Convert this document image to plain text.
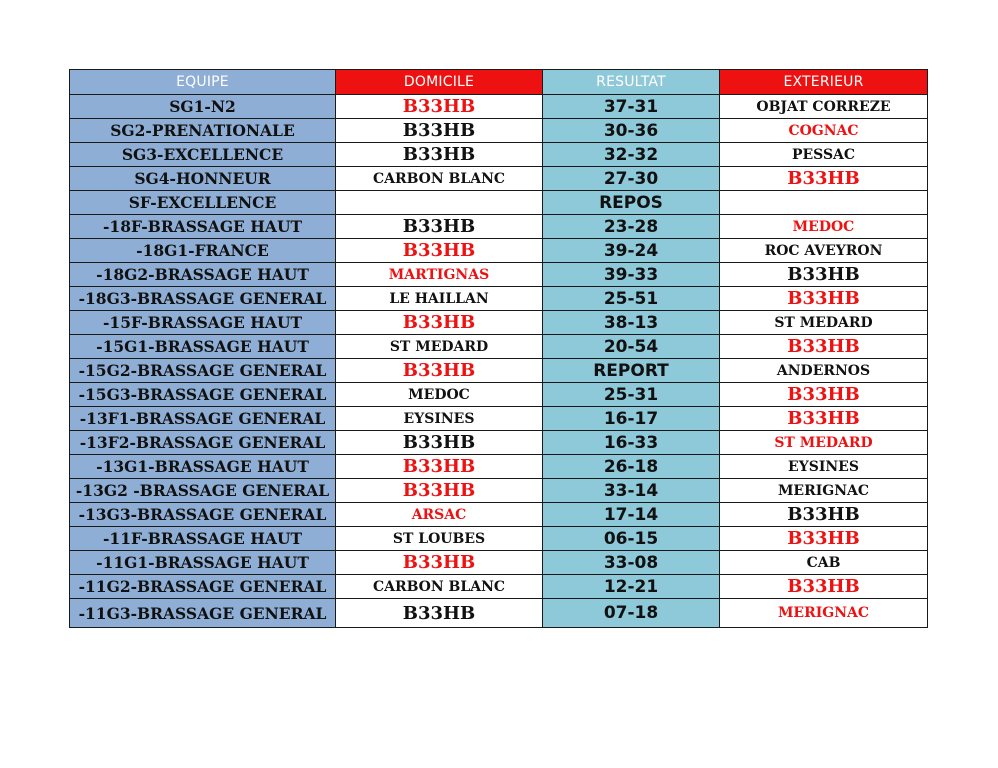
EQUIPE	DOMICILE	RESULTAT	EXTERIEUR
SG1-N2	B33HB	37-31	OBJAT CORREZE
SG2-PRENATIONALE	B33HB	30-36	COGNAC
SG3-EXCELLENCE	B33HB	32-32	PESSAC
SG4-HONNEUR	CARBON BLANC	27-30	B33HB
SF-EXCELLENCE		REPOS	
-18F-BRASSAGE HAUT	B33HB	23-28	MEDOC
-18G1-FRANCE	B33HB	39-24	ROC AVEYRON
-18G2-BRASSAGE HAUT	MARTIGNAS	39-33	B33HB
-18G3-BRASSAGE GENERAL	LE HAILLAN	25-51	B33HB
-15F-BRASSAGE HAUT	B33HB	38-13	ST MEDARD
-15G1-BRASSAGE HAUT	ST MEDARD	20-54	B33HB
-15G2-BRASSAGE GENERAL	B33HB	REPORT	ANDERNOS
-15G3-BRASSAGE GENERAL	MEDOC	25-31	B33HB
-13F1-BRASSAGE GENERAL	EYSINES	16-17	B33HB
-13F2-BRASSAGE GENERAL	B33HB	16-33	ST MEDARD
-13G1-BRASSAGE HAUT	B33HB	26-18	EYSINES
-13G2 -BRASSAGE GENERAL	B33HB	33-14	MERIGNAC
-13G3-BRASSAGE GENERAL	ARSAC	17-14	B33HB
-11F-BRASSAGE HAUT	ST LOUBES	06-15	B33HB
-11G1-BRASSAGE HAUT	B33HB	33-08	CAB
-11G2-BRASSAGE GENERAL	CARBON BLANC	12-21	B33HB
-11G3-BRASSAGE GENERAL	B33HB	07-18	MERIGNAC
